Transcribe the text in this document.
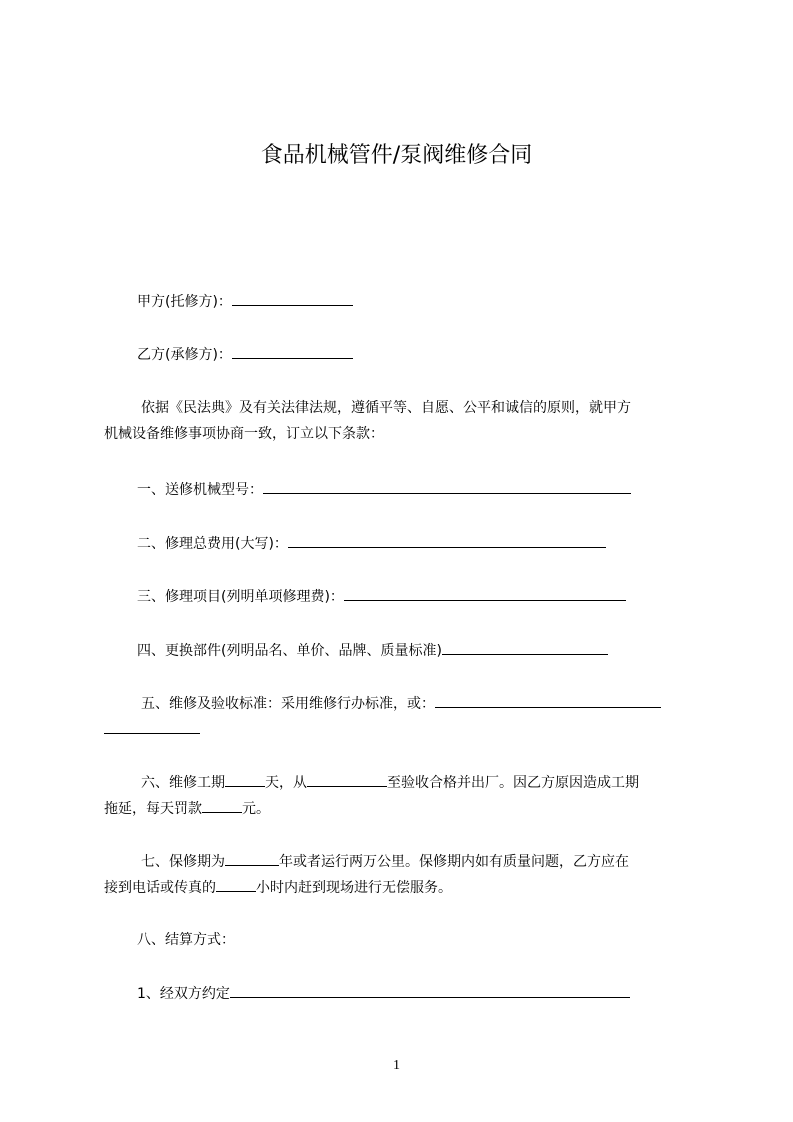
食品机械管件/泵阀维修合同
甲方(托修方)：
乙方(承修方)：
依据《民法典》及有关法律法规，遵循平等、自愿、公平和诚信的原则，就甲方
机械设备维修事项协商一致，订立以下条款：
一、送修机械型号：
二、修理总费用(大写)：
三、修理项目(列明单项修理费)：
四、更换部件(列明品名、单价、品牌、质量标准)
五、维修及验收标准：采用维修行办标准，或：
六、维修工期	天，从	至验收合格并出厂。因乙方原因造成工期
拖延，每天罚款	元。
七、保修期为	年或者运行两万公里。保修期内如有质量问题，乙方应在
接到电话或传真的	小时内赶到现场进行无偿服务。
八、结算方式：
1、经双方约定
1
